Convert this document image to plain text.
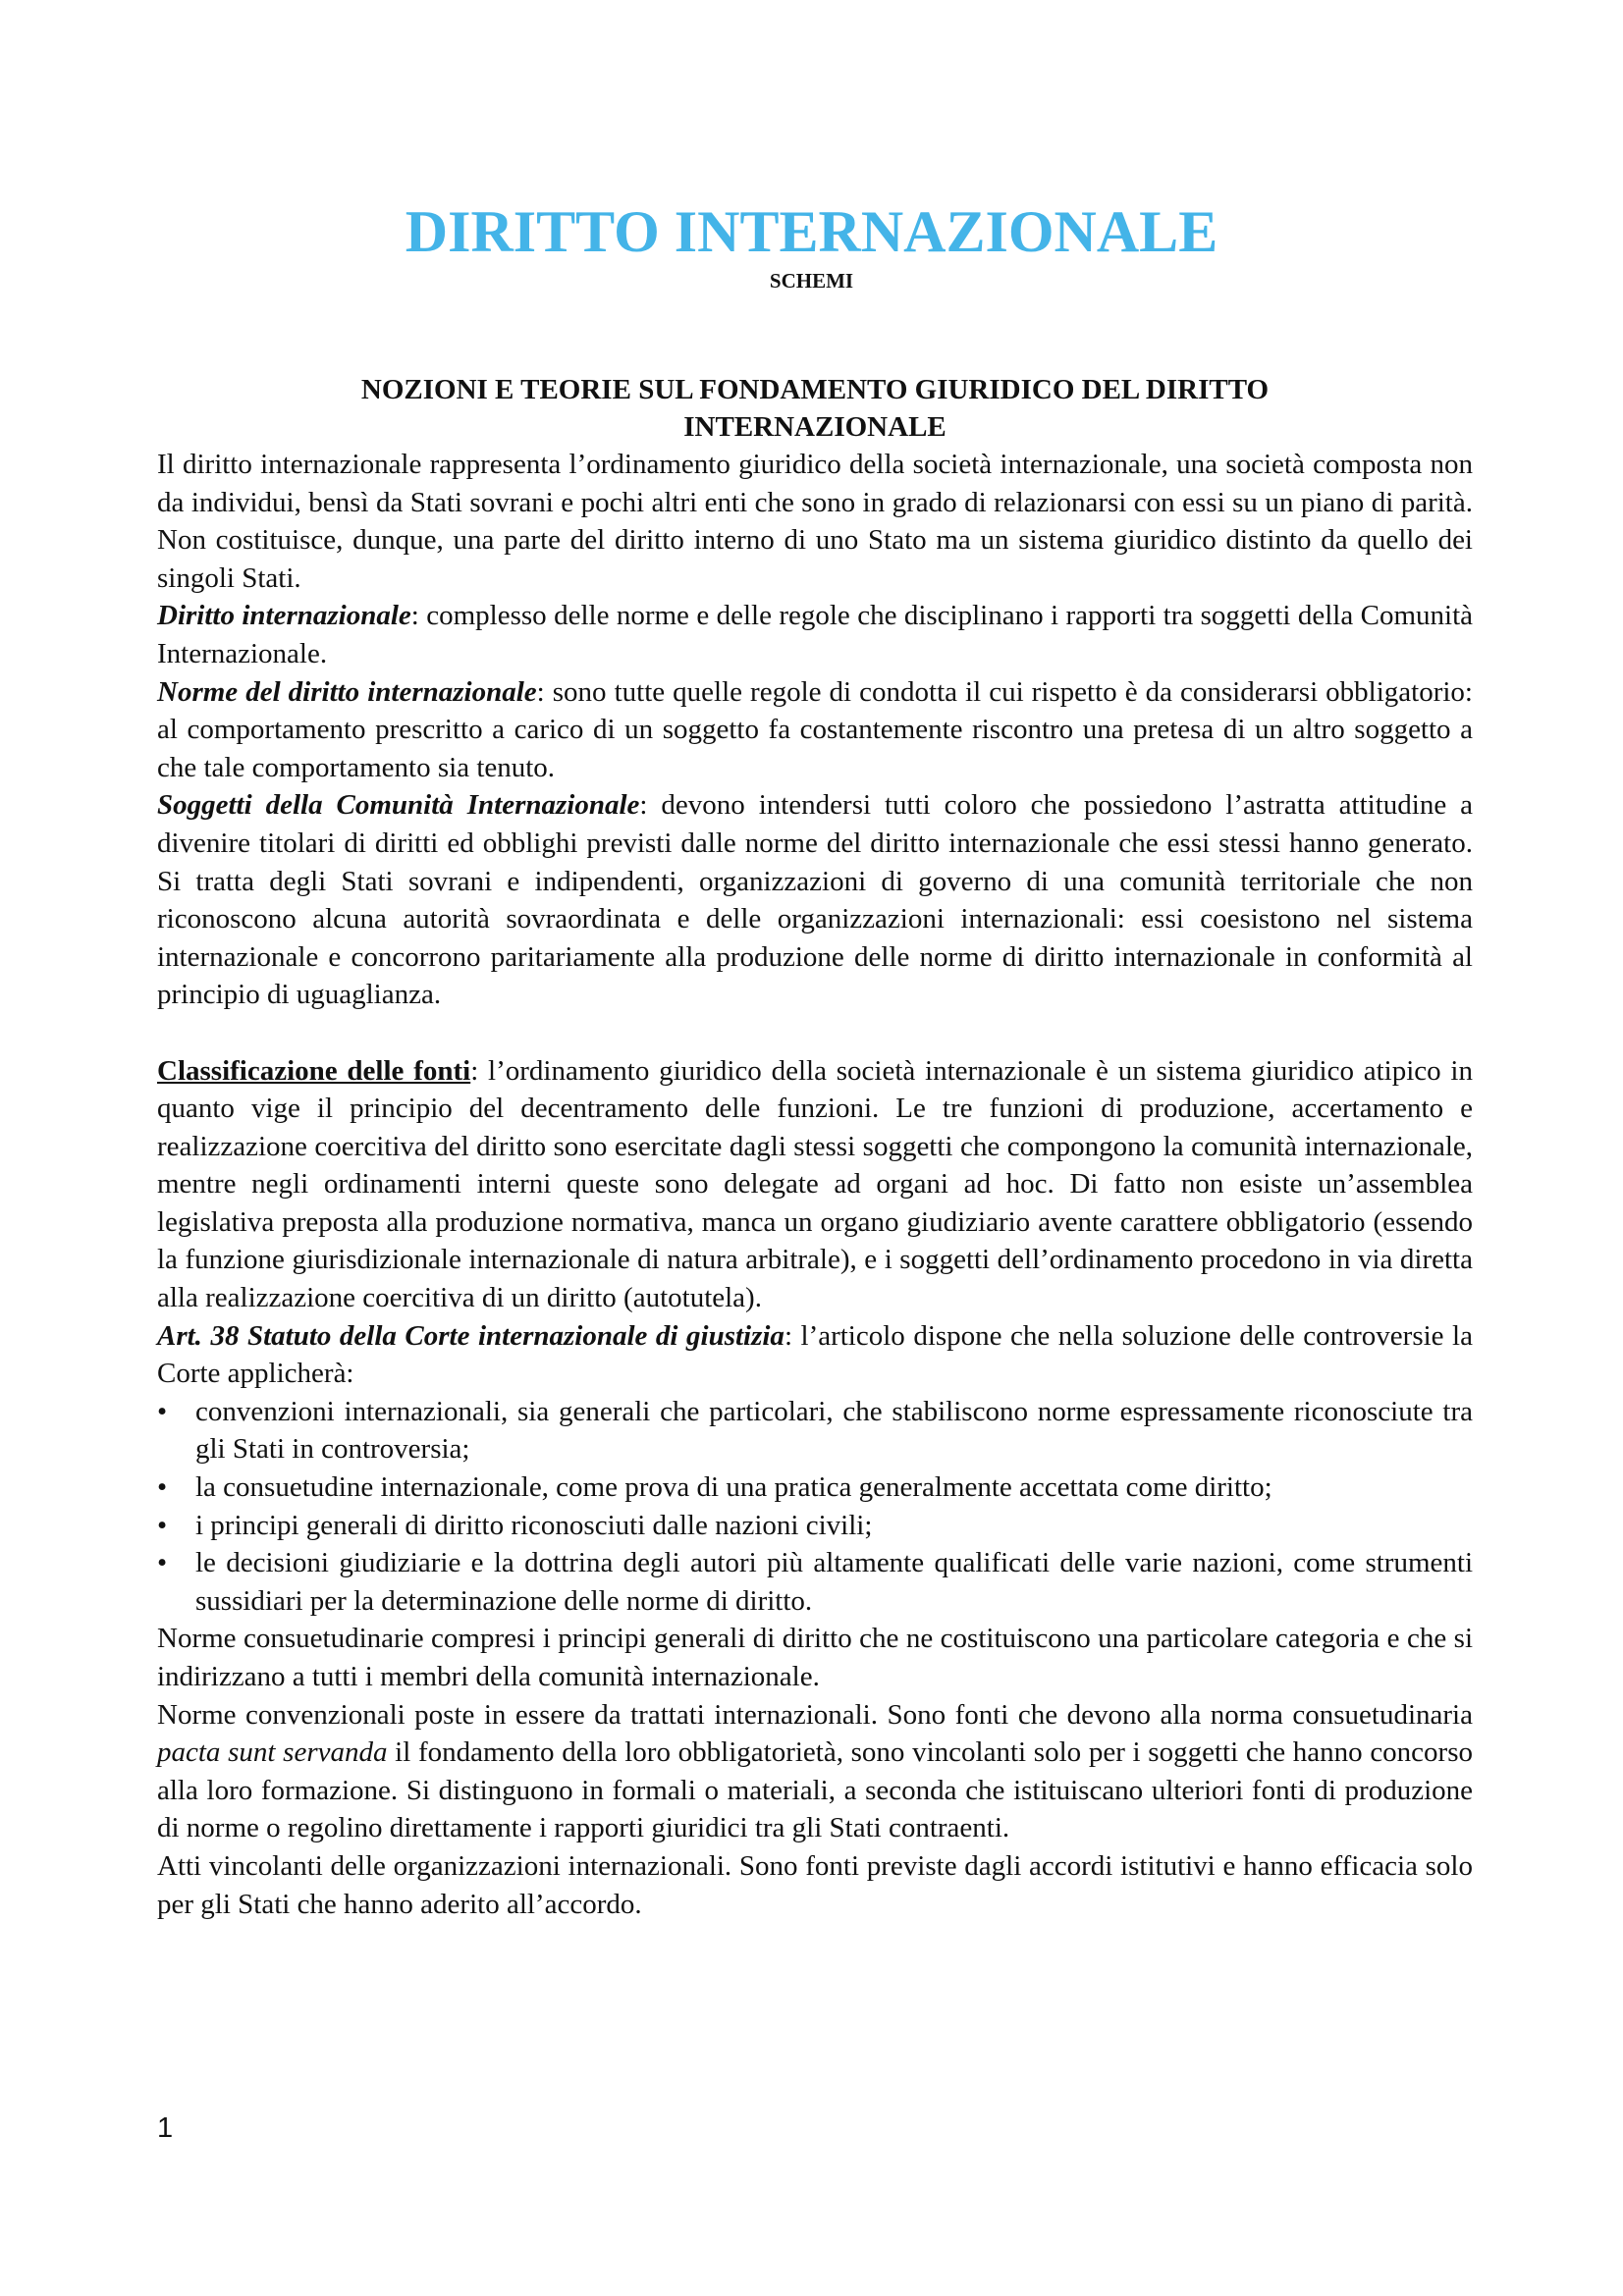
DIRITTO INTERNAZIONALE
SCHEMI
NOZIONI E TEORIE SUL FONDAMENTO GIURIDICO DEL DIRITTO
INTERNAZIONALE

Il diritto internazionale rappresenta l’ordinamento giuridico della società internazionale, una società composta non da individui, bensì da Stati sovrani e pochi altri enti che sono in grado di relazionarsi con essi su un piano di parità. Non costituisce, dunque, una parte del diritto interno di uno Stato ma un sistema giuridico distinto da quello dei singoli Stati.

Diritto internazionale: complesso delle norme e delle regole che disciplinano i rapporti tra soggetti della Comunità Internazionale.

Norme del diritto internazionale: sono tutte quelle regole di condotta il cui rispetto è da considerarsi obbligatorio: al comportamento prescritto a carico di un soggetto fa costantemente riscontro una pretesa di un altro soggetto a che tale comportamento sia tenuto.

Soggetti della Comunità Internazionale: devono intendersi tutti coloro che possiedono l’astratta attitudine a divenire titolari di diritti ed obblighi previsti dalle norme del diritto internazionale che essi stessi hanno generato. Si tratta degli Stati sovrani e indipendenti, organizzazioni di governo di una comunità territoriale che non riconoscono alcuna autorità sovraordinata e delle organizzazioni internazionali: essi coesistono nel sistema internazionale e concorrono paritariamente alla produzione delle norme di diritto internazionale in conformità al principio di uguaglianza.

Classificazione delle fonti: l’ordinamento giuridico della società internazionale è un sistema giuridico atipico in quanto vige il principio del decentramento delle funzioni. Le tre funzioni di produzione, accertamento e realizzazione coercitiva del diritto sono esercitate dagli stessi soggetti che compongono la comunità internazionale, mentre negli ordinamenti interni queste sono delegate ad organi ad hoc. Di fatto non esiste un’assemblea legislativa preposta alla produzione normativa, manca un organo giudiziario avente carattere obbligatorio (essendo la funzione giurisdizionale internazionale di natura arbitrale), e i soggetti dell’ordinamento procedono in via diretta alla realizzazione coercitiva di un diritto (autotutela).

Art. 38 Statuto della Corte internazionale di giustizia: l’articolo dispone che nella soluzione delle controversie la Corte applicherà:

• convenzioni internazionali, sia generali che particolari, che stabiliscono norme espressamente riconosciute tra gli Stati in controversia;
• la consuetudine internazionale, come prova di una pratica generalmente accettata come diritto;
• i principi generali di diritto riconosciuti dalle nazioni civili;
• le decisioni giudiziarie e la dottrina degli autori più altamente qualificati delle varie nazioni, come strumenti sussidiari per la determinazione delle norme di diritto.

Norme consuetudinarie compresi i principi generali di diritto che ne costituiscono una particolare categoria e che si indirizzano a tutti i membri della comunità internazionale.

Norme convenzionali poste in essere da trattati internazionali. Sono fonti che devono alla norma consuetudinaria pacta sunt servanda il fondamento della loro obbligatorietà, sono vincolanti solo per i soggetti che hanno concorso alla loro formazione. Si distinguono in formali o materiali, a seconda che istituiscano ulteriori fonti di produzione di norme o regolino direttamente i rapporti giuridici tra gli Stati contraenti.

Atti vincolanti delle organizzazioni internazionali. Sono fonti previste dagli accordi istitutivi e hanno efficacia solo per gli Stati che hanno aderito all’accordo.

1
